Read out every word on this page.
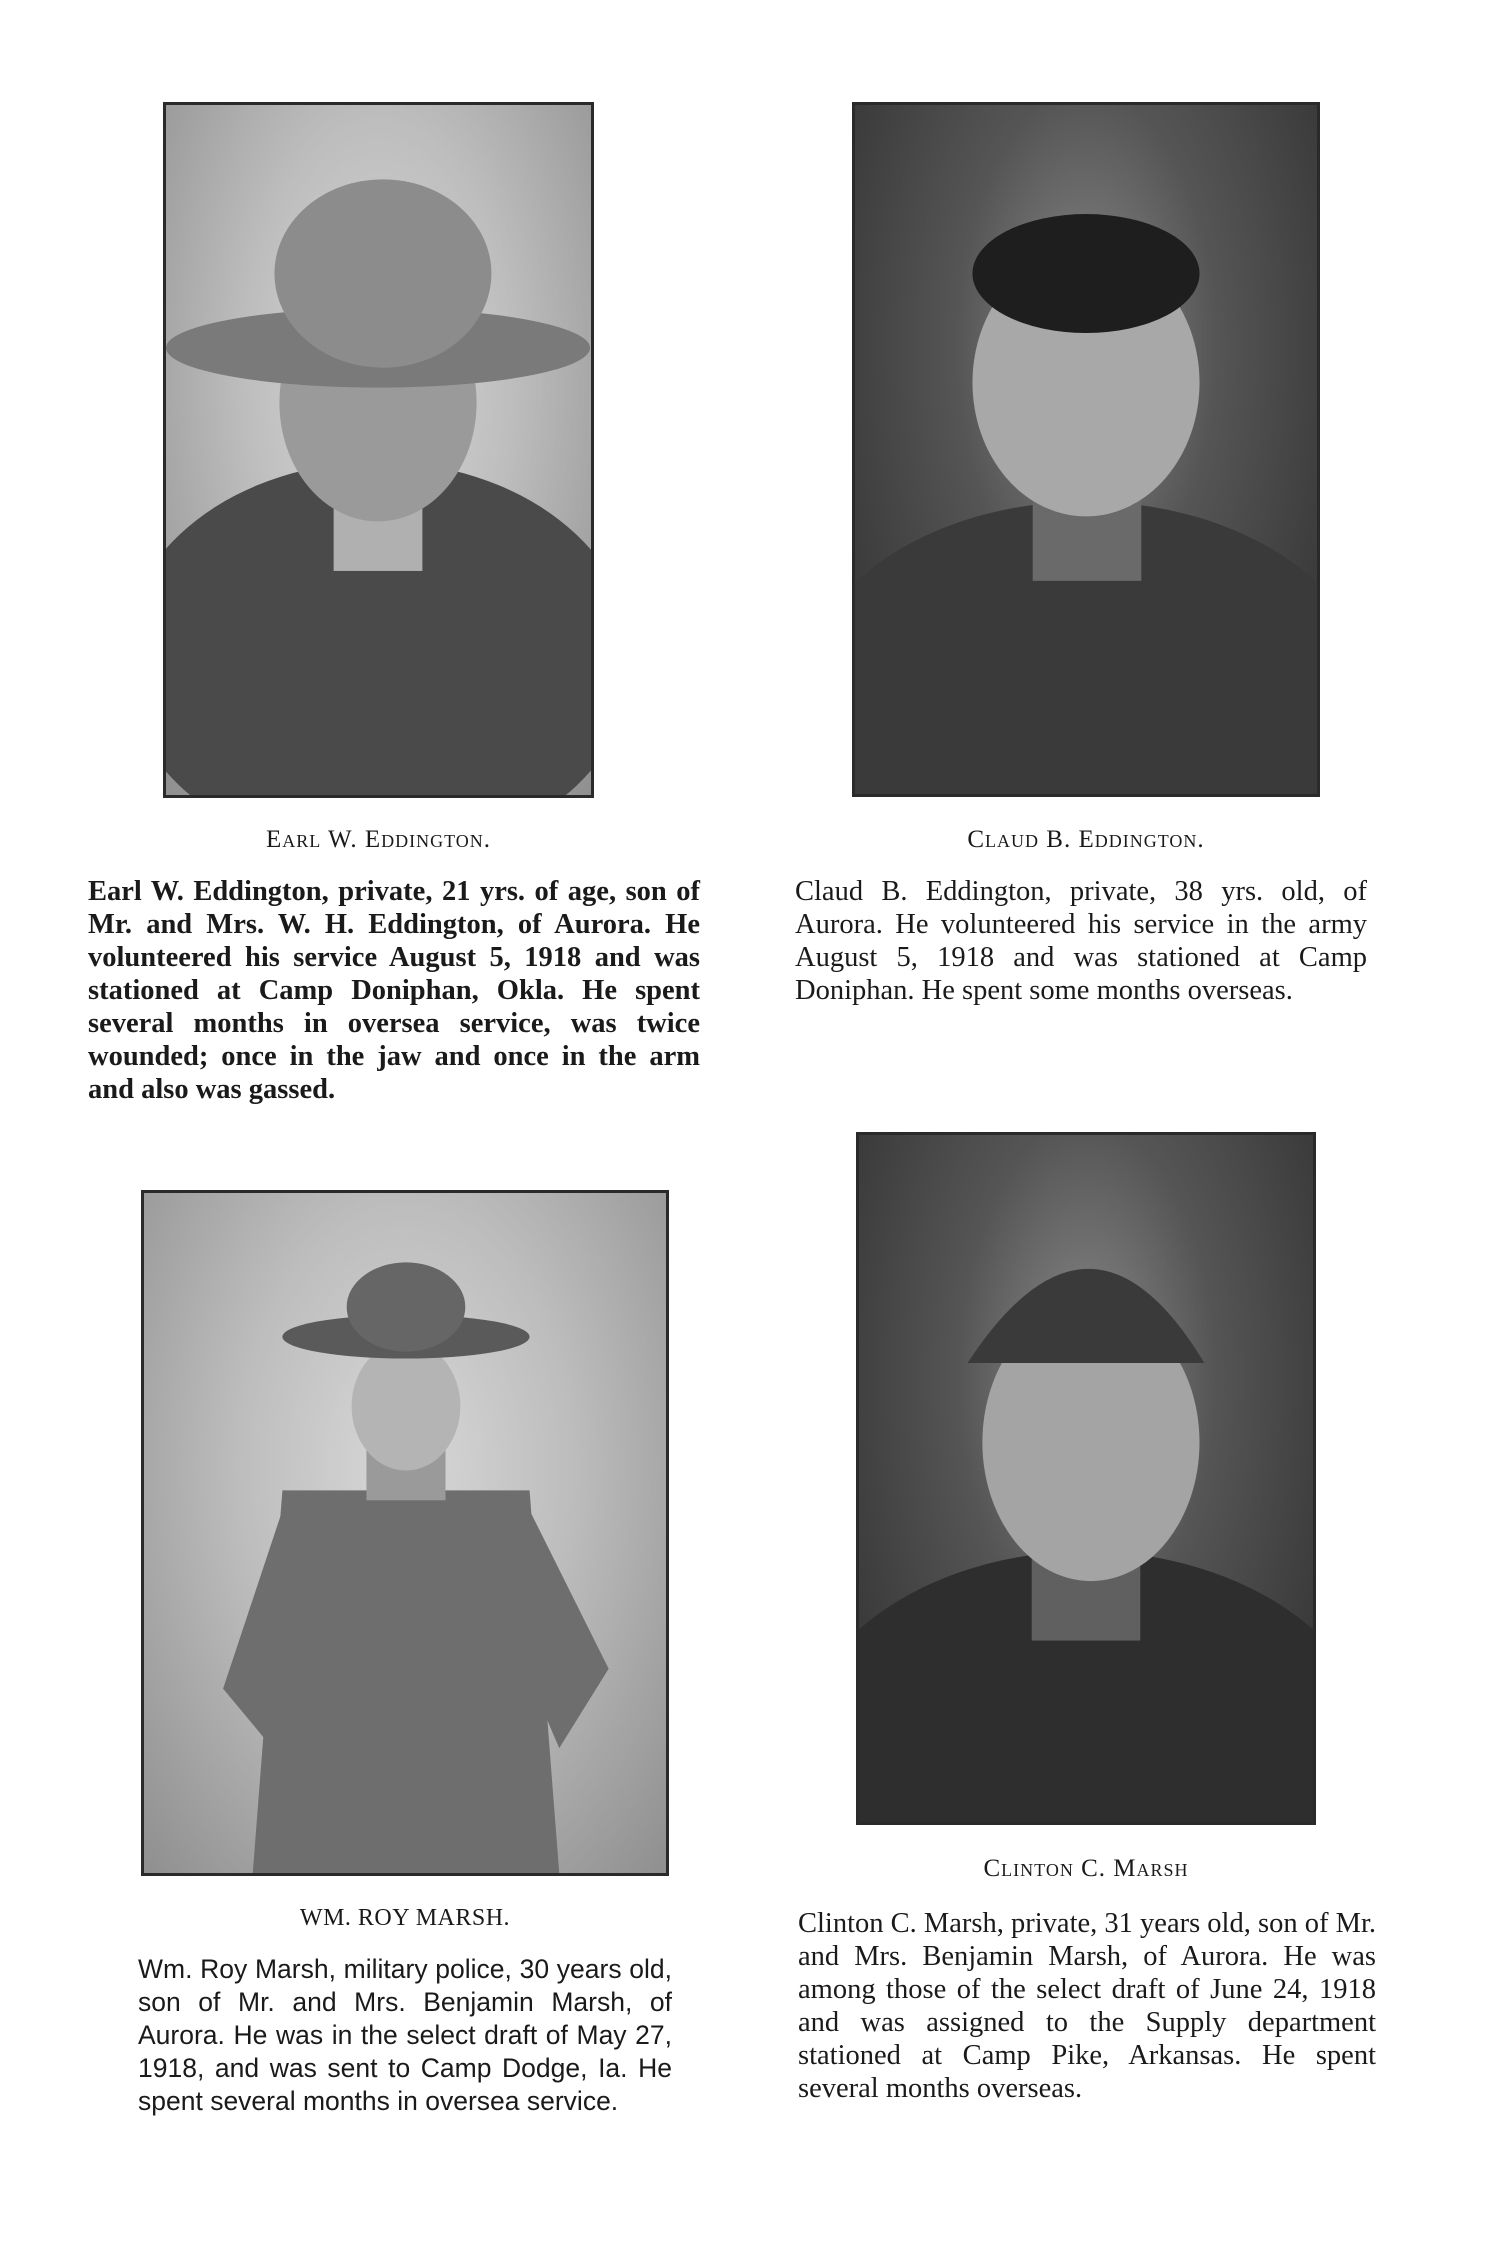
Earl W. Eddington.

Earl W. Eddington, private, 21 yrs. of age, son of Mr. and Mrs. W. H. Eddington, of Aurora. He volunteered his service August 5, 1918 and was stationed at Camp Doniphan, Okla. He spent several months in oversea service, was twice wounded; once in the jaw and once in the arm and also was gassed.

Claud B. Eddington.

Claud B. Eddington, private, 38 yrs. old, of Aurora. He volunteered his service in the army August 5, 1918 and was stationed at Camp Doniphan. He spent some months overseas.

WM. ROY MARSH.

Wm. Roy Marsh, military police, 30 years old, son of Mr. and Mrs. Benjamin Marsh, of Aurora. He was in the select draft of May 27, 1918, and was sent to Camp Dodge, Ia. He spent several months in oversea service.

Clinton C. Marsh

Clinton C. Marsh, private, 31 years old, son of Mr. and Mrs. Benjamin Marsh, of Aurora. He was among those of the select draft of June 24, 1918 and was assigned to the Supply department stationed at Camp Pike, Arkansas. He spent several months overseas.
